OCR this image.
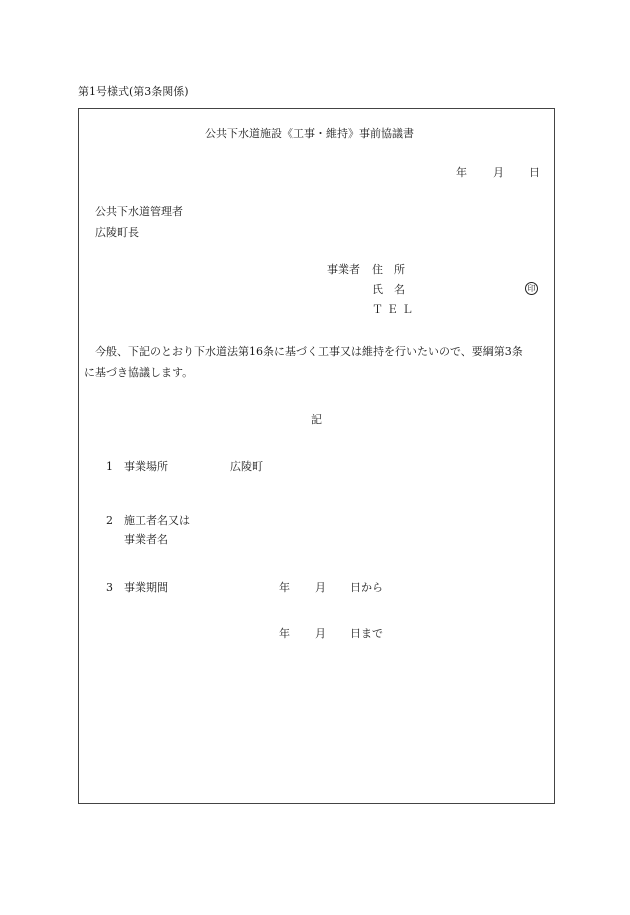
第1号様式(第3条関係)
公共下水道施設《工事・維持》事前協議書
年 月 日
公共下水道管理者
広陵町長
事業者 住　所
氏　名	印
ＴＥＬ
今般、下記のとおり下水道法第16条に基づく工事又は維持を行いたいので、要綱第3条
に基づき協議します。
記
1 事業場所	広陵町
2 施工者名又は
事業者名
3 事業期間	年 月 日から
年 月 日まで
